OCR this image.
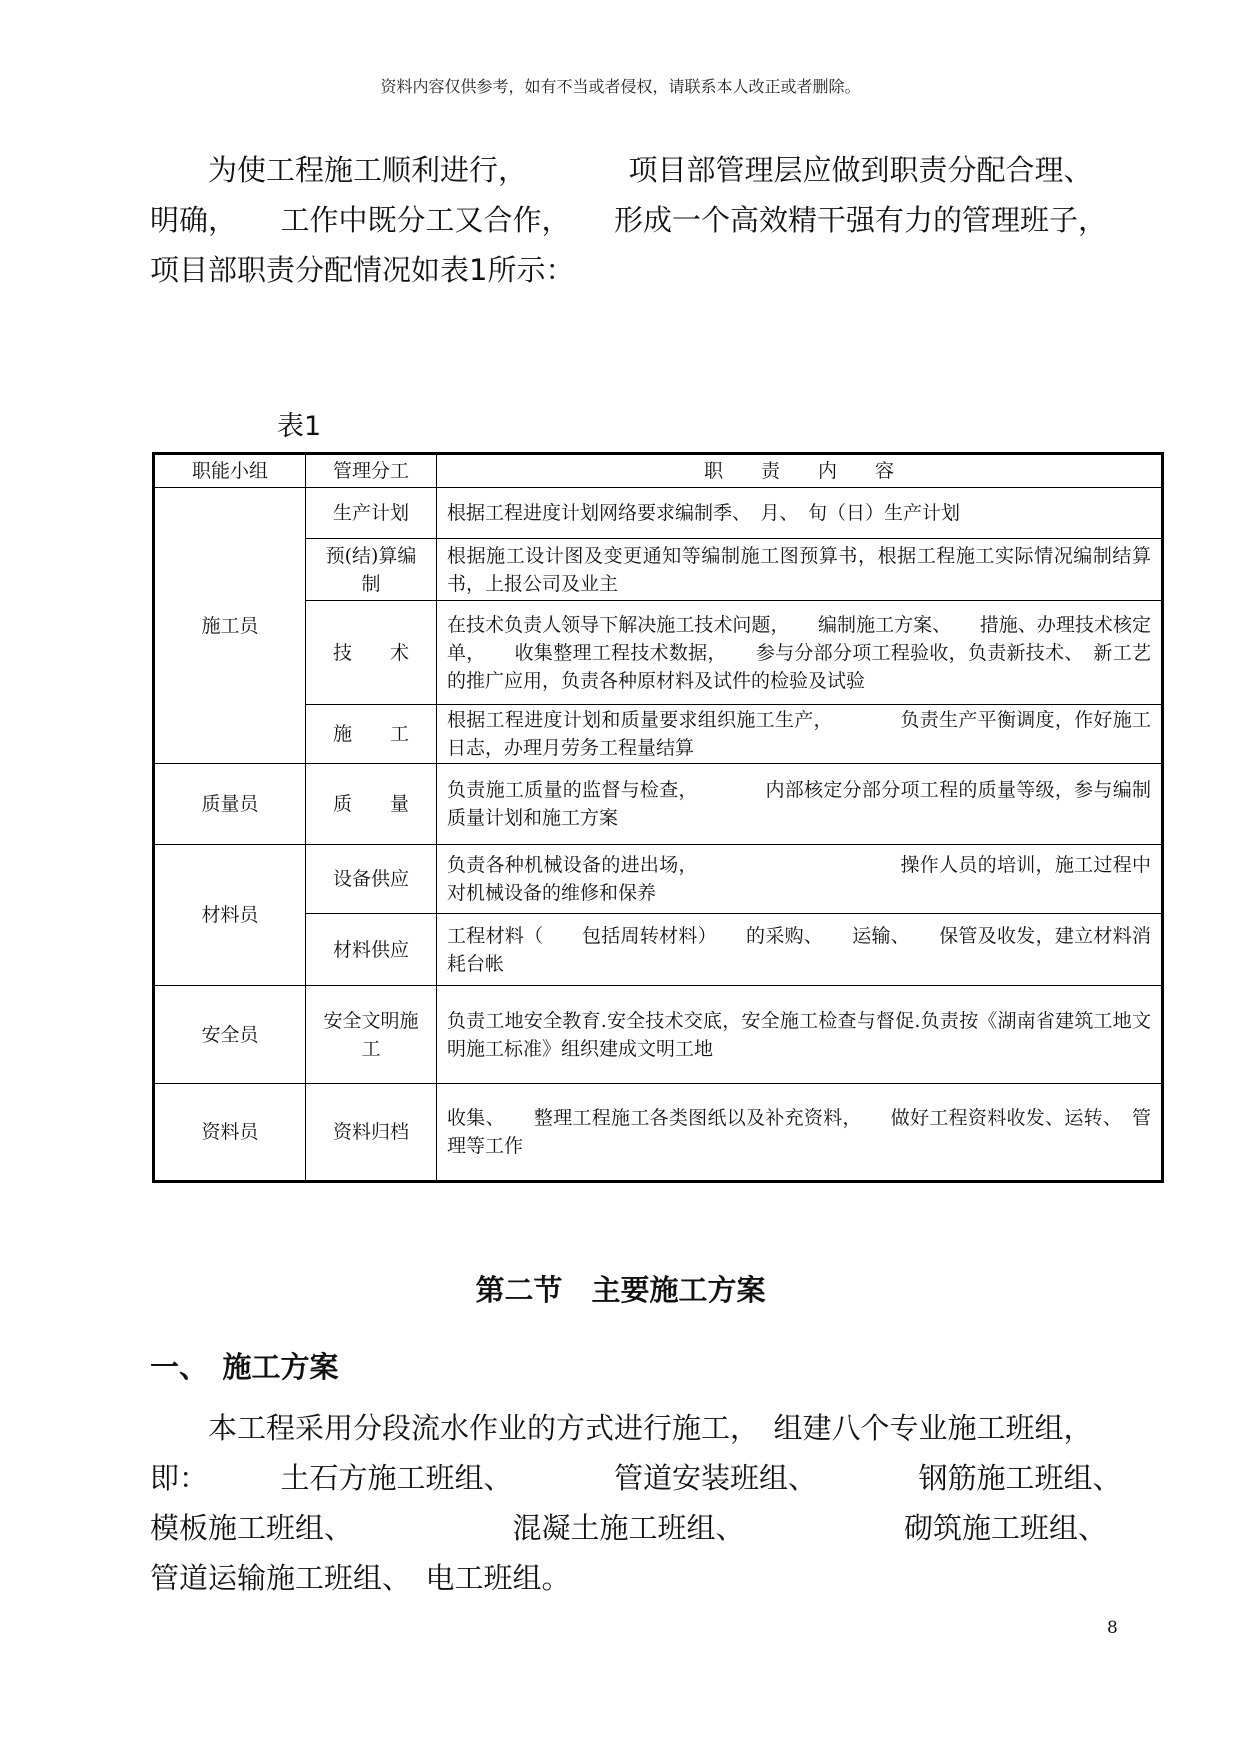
资料内容仅供参考，如有不当或者侵权，请联系本人改正或者删除。

　　为使工程施工顺利进行，　　　　项目部管理层应做到职责分配合理、

明确，　　工作中既分工又合作，　　形成一个高效精干强有力的管理班子，

项目部职责分配情况如表1所示：

表1
职能小组	管理分工	职　　责　　内　　容
施工员	生产计划	根据工程进度计划网络要求编制季、　月、　旬（日）生产计划
	预(结)算编　　制	根据施工设计图及变更通知等编制施工图预算书，根据工程施工实际情况编制结算书，上报公司及业主
	技　　术	在技术负责人领导下解决施工技术问题，　　编制施工方案、　　措施、办理技术核定单，　　收集整理工程技术数据，　　参与分部分项工程验收，负责新技术、　新工艺的推广应用，负责各种原材料及试件的检验及试验
	施　　工	根据工程进度计划和质量要求组织施工生产，　　　　负责生产平衡调度，作好施工日志，办理月劳务工程量结算
质量员	质　　量	负责施工质量的监督与检查，　　　　内部核定分部分项工程的质量等级，参与编制质量计划和施工方案
材料员	设备供应	负责各种机械设备的进出场，　　　　　　　　　　　操作人员的培训，施工过程中对机械设备的维修和保养
	材料供应	工程材料（　　包括周转材料）　　的采购、　　运输、　　保管及收发，建立材料消耗台帐
安全员	安全文明施　　工	负责工地安全教育.安全技术交底，安全施工检查与督促.负责按《湖南省建筑工地文明施工标准》组织建成文明工地
资料员	资料归档	收集、　　整理工程施工各类图纸以及补充资料，　　做好工程资料收发、运转、　管理等工作
第二节　主要施工方案
一、　施工方案

　　本工程采用分段流水作业的方式进行施工，　组建八个专业施工班组，

即：　　　土石方施工班组、　　　　管道安装班组、　　　　钢筋施工班组、

模板施工班组、　　　　　　混凝土施工班组、　　　　　　砌筑施工班组、

管道运输施工班组、　电工班组。

8
